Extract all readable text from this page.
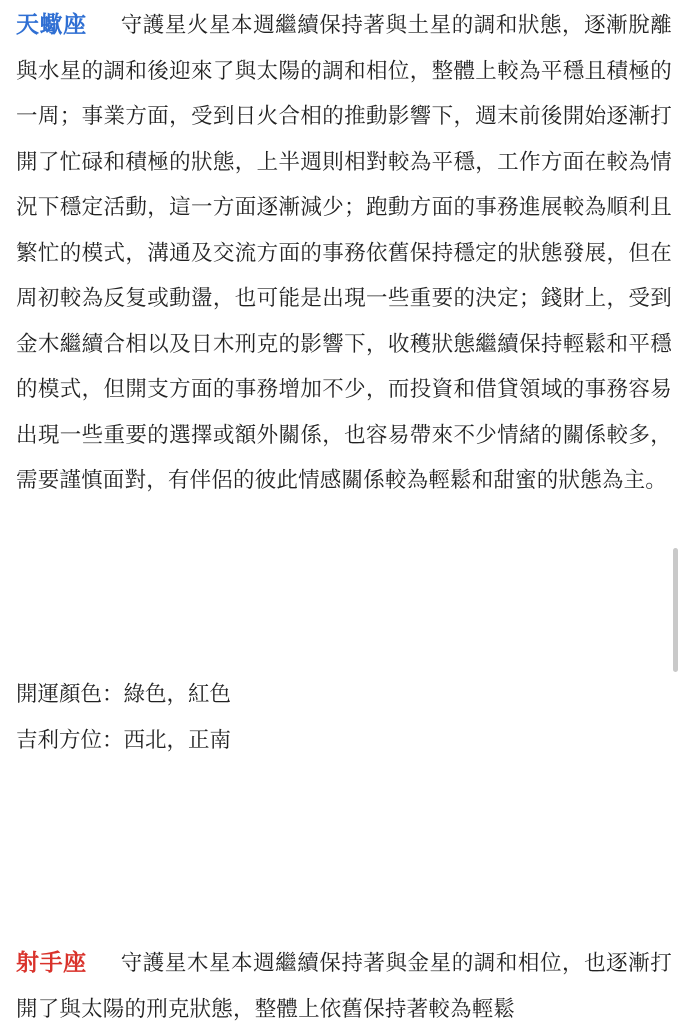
天蠍座 守護星火星本週繼續保持著與土星的調和狀態，逐漸脫離與水星的調和後迎來了與太陽的調和相位，整體上較為平穩且積極的一周；事業方面，受到日火合相的推動影響下，週末前後開始逐漸打開了忙碌和積極的狀態，上半週則相對較為平穩，工作方面在較為情況下穩定活動，這一方面逐漸減少；跑動方面的事務進展較為順利且繁忙的模式，溝通及交流方面的事務依舊保持穩定的狀態發展，但在周初較為反复或動盪，也可能是出現一些重要的決定；錢財上，受到金木繼續合相以及日木刑克的影響下，收穫狀態繼續保持輕鬆和平穩的模式，但開支方面的事務增加不少，而投資和借貸領域的事務容易出現一些重要的選擇或額外關係，也容易帶來不少情緒的關係較多，需要謹慎面對，有伴侶的彼此情感關係較為輕鬆和甜蜜的狀態為主。

開運顏色：綠色，紅色
吉利方位：西北，正南

射手座 守護星木星本週繼續保持著與金星的調和相位，也逐漸打開了與太陽的刑克狀態，整體上依舊保持著較為輕鬆
